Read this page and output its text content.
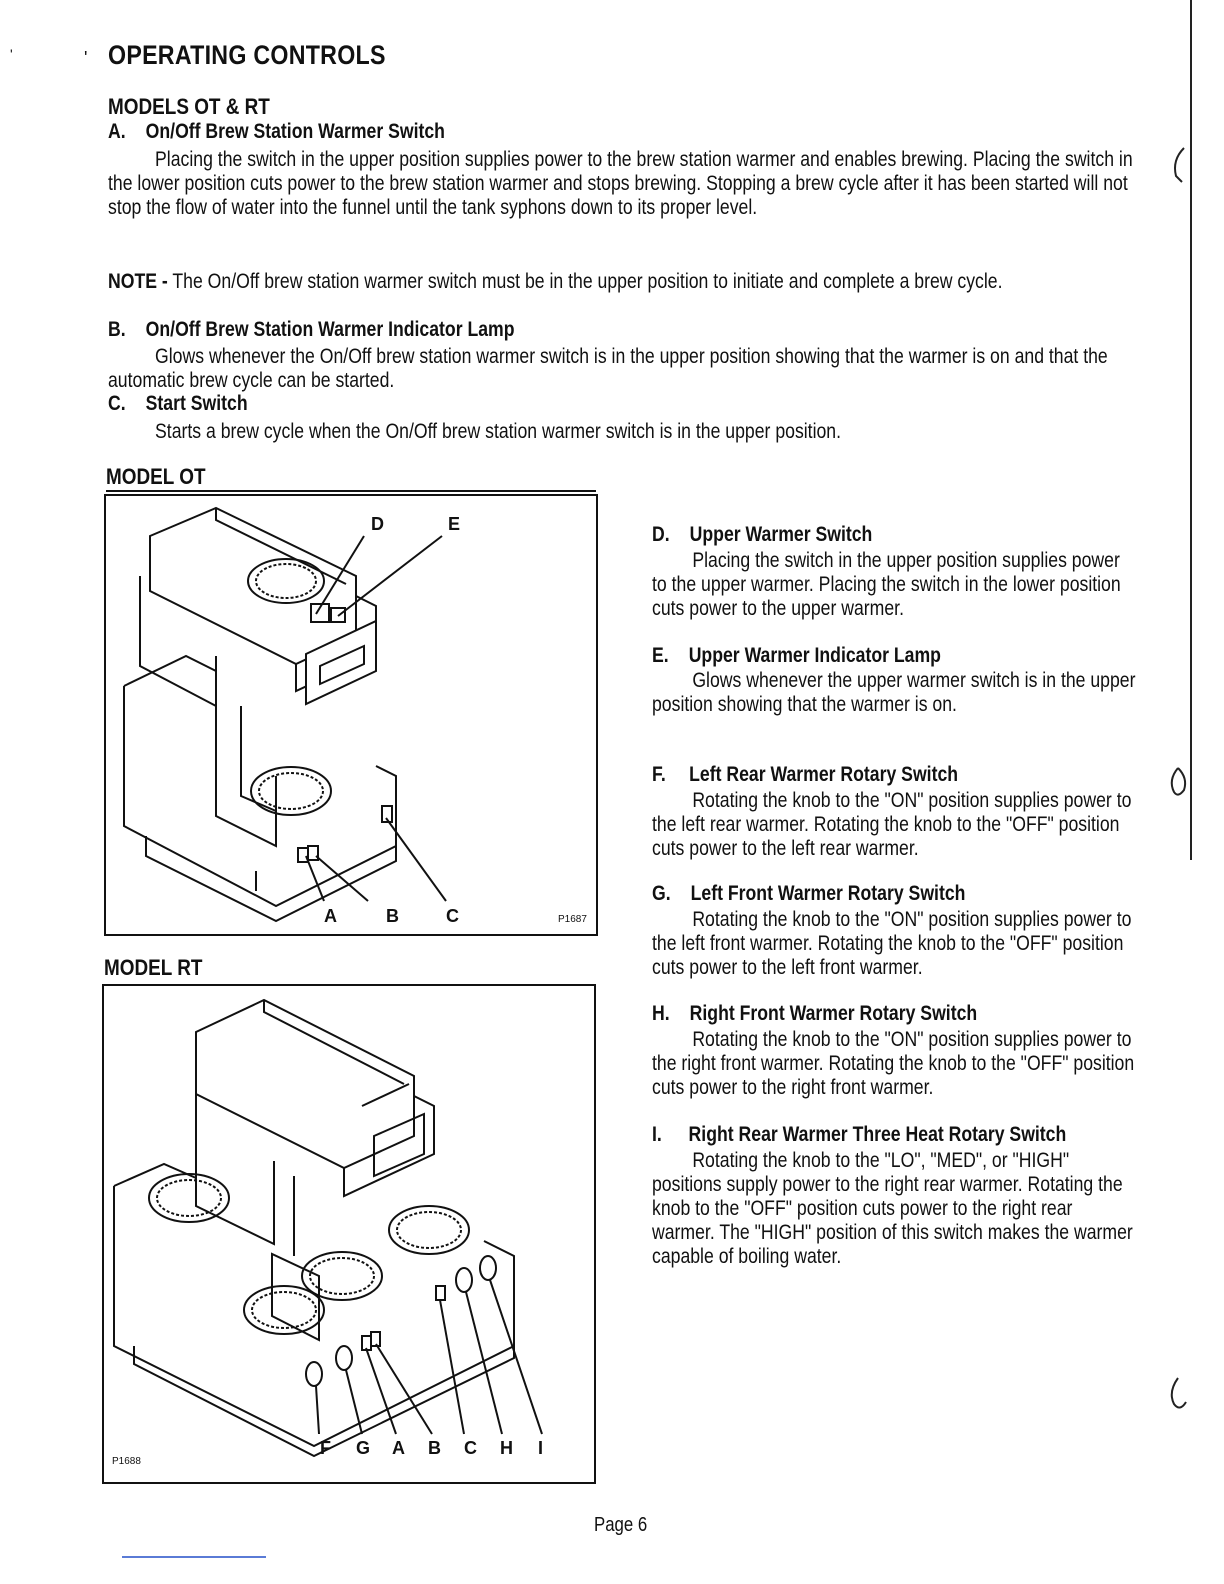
OPERATING CONTROLS
'	'
MODELS OT & RT
A. On/Off Brew Station Warmer Switch
Placing the switch in the upper position supplies power to the brew station warmer and enables brewing. Placing the switch in the lower position cuts power to the brew station warmer and stops brewing. Stopping a brew cycle after it has been started will not stop the flow of water into the funnel until the tank syphons down to its proper level.
NOTE - The On/Off brew station warmer switch must be in the upper position to initiate and complete a brew cycle.
B. On/Off Brew Station Warmer Indicator Lamp
Glows whenever the On/Off brew station warmer switch is in the upper position showing that the warmer is on and that the automatic brew cycle can be started.
C. Start Switch
Starts a brew cycle when the On/Off brew station warmer switch is in the upper position.
MODEL OT
D	E
A	B	C	P1687
MODEL RT
F G A B C H I
P1688
D. Upper Warmer Switch
Placing the switch in the upper position supplies power to the upper warmer. Placing the switch in the lower position cuts power to the upper warmer.
E. Upper Warmer Indicator Lamp
Glows whenever the upper warmer switch is in the upper position showing that the warmer is on.
F. Left Rear Warmer Rotary Switch
Rotating the knob to the "ON" position supplies power to the left rear warmer. Rotating the knob to the "OFF" position cuts power to the left rear warmer.
G. Left Front Warmer Rotary Switch
Rotating the knob to the "ON" position supplies power to the left front warmer. Rotating the knob to the "OFF" position cuts power to the left front warmer.
H. Right Front Warmer Rotary Switch
Rotating the knob to the "ON" position supplies power to the right front warmer. Rotating the knob to the "OFF" position cuts power to the right front warmer.
I. Right Rear Warmer Three Heat Rotary Switch
Rotating the knob to the "LO", "MED", or "HIGH" positions supply power to the right rear warmer. Rotating the knob to the "OFF" position cuts power to the right rear warmer. The "HIGH" position of this switch makes the warmer capable of boiling water.
Page 6
